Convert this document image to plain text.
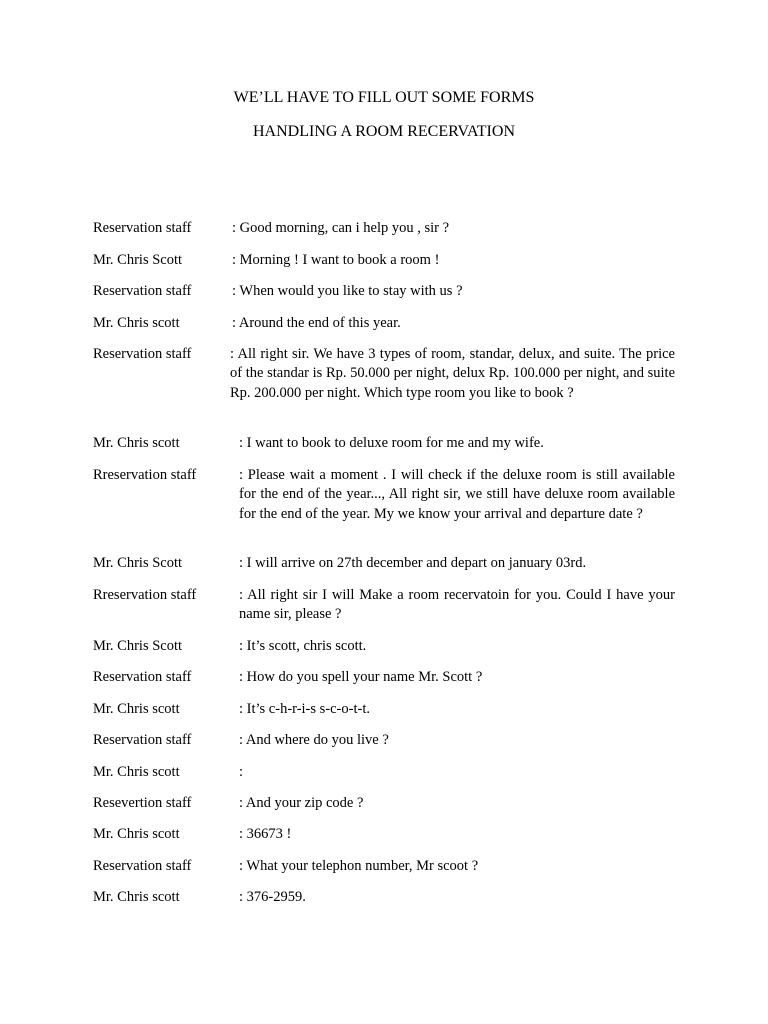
WE’LL HAVE TO FILL OUT SOME FORMS
HANDLING A ROOM RECERVATION
Reservation staff	: Good morning, can i help you , sir ?
Mr. Chris Scott	: Morning ! I want to book a room !
Reservation staff	: When would you like to stay with us ?
Mr. Chris scott	: Around the end of this year.
Reservation staff	: All right sir. We have 3 types of room, standar, delux, and suite. The price of the standar is Rp. 50.000 per night, delux Rp. 100.000 per night, and suite Rp. 200.000 per night. Which type room you like to book ?
Mr. Chris scott	: I want to book to deluxe room for me and my wife.
Rreservation staff	: Please wait a moment . I will check if the deluxe room is still available for the end of the year..., All right sir, we still have deluxe room available for the end of the year. My we know your arrival and departure date ?
Mr. Chris Scott	: I will arrive on 27th december and depart on january 03rd.
Rreservation staff	: All right sir I will Make a room recervatoin for you. Could I have your name sir, please ?
Mr. Chris Scott	: It’s scott, chris scott.
Reservation staff	: How do you spell your name Mr. Scott ?
Mr. Chris scott	: It’s c-h-r-i-s s-c-o-t-t.
Reservation staff	: And where do you live ?
Mr. Chris scott	:
Resevertion staff	: And your zip code ?
Mr. Chris scott	: 36673 !
Reservation staff	: What your telephon number, Mr scoot ?
Mr. Chris scott	: 376-2959.
